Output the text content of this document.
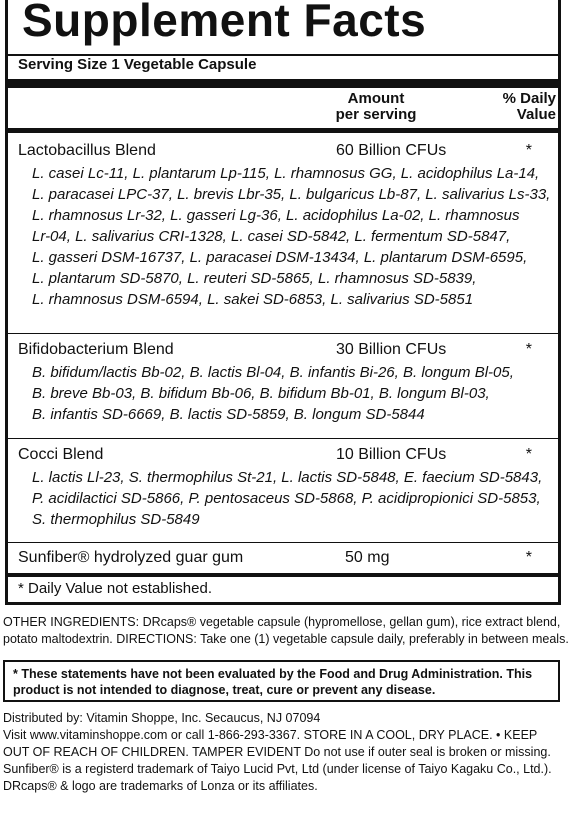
Supplement Facts
Serving Size 1 Vegetable Capsule
Amount
per serving
% Daily
Value
Lactobacillus Blend	60 Billion CFUs	*
L. casei Lc-11, L. plantarum Lp-115, L. rhamnosus GG, L. acidophilus La-14,
L. paracasei LPC-37, L. brevis Lbr-35, L. bulgaricus Lb-87, L. salivarius Ls-33,
L. rhamnosus Lr-32, L. gasseri Lg-36, L. acidophilus La-02, L. rhamnosus
Lr-04, L. salivarius CRI-1328, L. casei SD-5842, L. fermentum SD-5847,
L. gasseri DSM-16737, L. paracasei DSM-13434, L. plantarum DSM-6595,
L. plantarum SD-5870, L. reuteri SD-5865, L. rhamnosus SD-5839,
L. rhamnosus DSM-6594, L. sakei SD-6853, L. salivarius SD-5851
Bifidobacterium Blend	30 Billion CFUs	*
B. bifidum/lactis Bb-02, B. lactis Bl-04, B. infantis Bi-26, B. longum Bl-05,
B. breve Bb-03, B. bifidum Bb-06, B. bifidum Bb-01, B. longum Bl-03,
B. infantis SD-6669, B. lactis SD-5859, B. longum SD-5844
Cocci Blend	10 Billion CFUs	*
L. lactis Ll-23, S. thermophilus St-21, L. lactis SD-5848, E. faecium SD-5843,
P. acidilactici SD-5866, P. pentosaceus SD-5868, P. acidipropionici SD-5853,
S. thermophilus SD-5849
Sunfiber® hydrolyzed guar gum	50 mg	*
* Daily Value not established.
OTHER INGREDIENTS: DRcaps® vegetable capsule (hypromellose, gellan gum), rice extract blend,
potato maltodextrin. DIRECTIONS: Take one (1) vegetable capsule daily, preferably in between meals.
* These statements have not been evaluated by the Food and Drug Administration. This
product is not intended to diagnose, treat, cure or prevent any disease.
Distributed by: Vitamin Shoppe, Inc. Secaucus, NJ 07094
Visit www.vitaminshoppe.com or call 1-866-293-3367. STORE IN A COOL, DRY PLACE. • KEEP
OUT OF REACH OF CHILDREN. TAMPER EVIDENT Do not use if outer seal is broken or missing.
Sunfiber® is a registerd trademark of Taiyo Lucid Pvt, Ltd (under license of Taiyo Kagaku Co., Ltd.).
DRcaps® & logo are trademarks of Lonza or its affiliates.
